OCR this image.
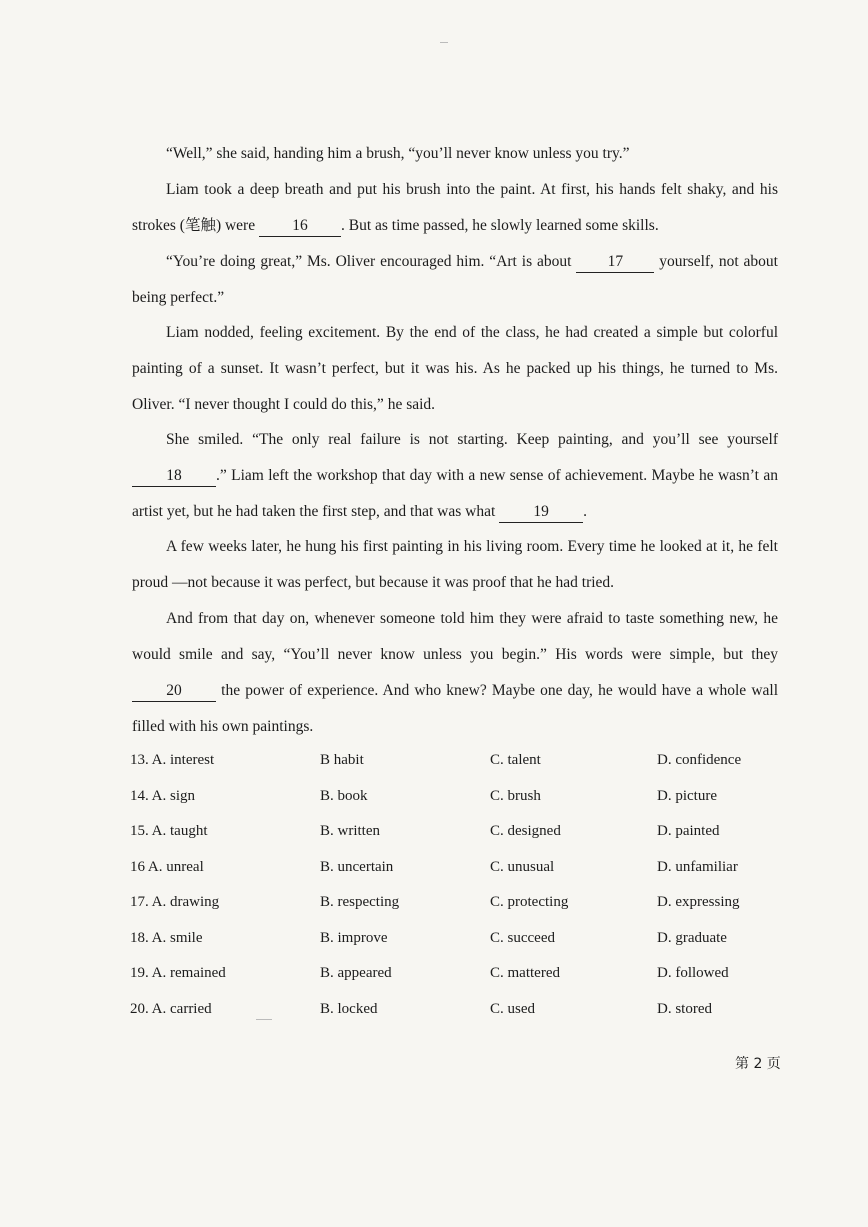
“Well,” she said, handing him a brush, “you’ll never know unless you try.”

Liam took a deep breath and put his brush into the paint. At first, his hands felt shaky, and his strokes (笔触) were 16 . But as time passed, he slowly learned some skills.

“You’re doing great,” Ms. Oliver encouraged him. “Art is about 17 yourself, not about being perfect.”

Liam nodded, feeling excitement. By the end of the class, he had created a simple but colorful painting of a sunset. It wasn’t perfect, but it was his. As he packed up his things, he turned to Ms. Oliver. “I never thought I could do this,” he said.

She smiled. “The only real failure is not starting. Keep painting, and you’ll see yourself 18 .” Liam left the workshop that day with a new sense of achievement. Maybe he wasn’t an artist yet, but he had taken the first step, and that was what 19 .

A few weeks later, he hung his first painting in his living room. Every time he looked at it, he felt proud —not because it was perfect, but because it was proof that he had tried.

And from that day on, whenever someone told him they were afraid to taste something new, he would smile and say, “You’ll never know unless you begin.” His words were simple, but they 20 the power of experience. And who knew? Maybe one day, he would have a whole wall filled with his own paintings.

13. A. interest	B habit	C. talent	D. confidence
14. A. sign	B. book	C. brush	D. picture
15. A. taught	B. written	C. designed	D. painted
16 A. unreal	B. uncertain	C. unusual	D. unfamiliar
17. A. drawing	B. respecting	C. protecting	D. expressing
18. A. smile	B. improve	C. succeed	D. graduate
19. A. remained	B. appeared	C. mattered	D. followed
20. A. carried	B. locked	C. used	D. stored
第 2 页
